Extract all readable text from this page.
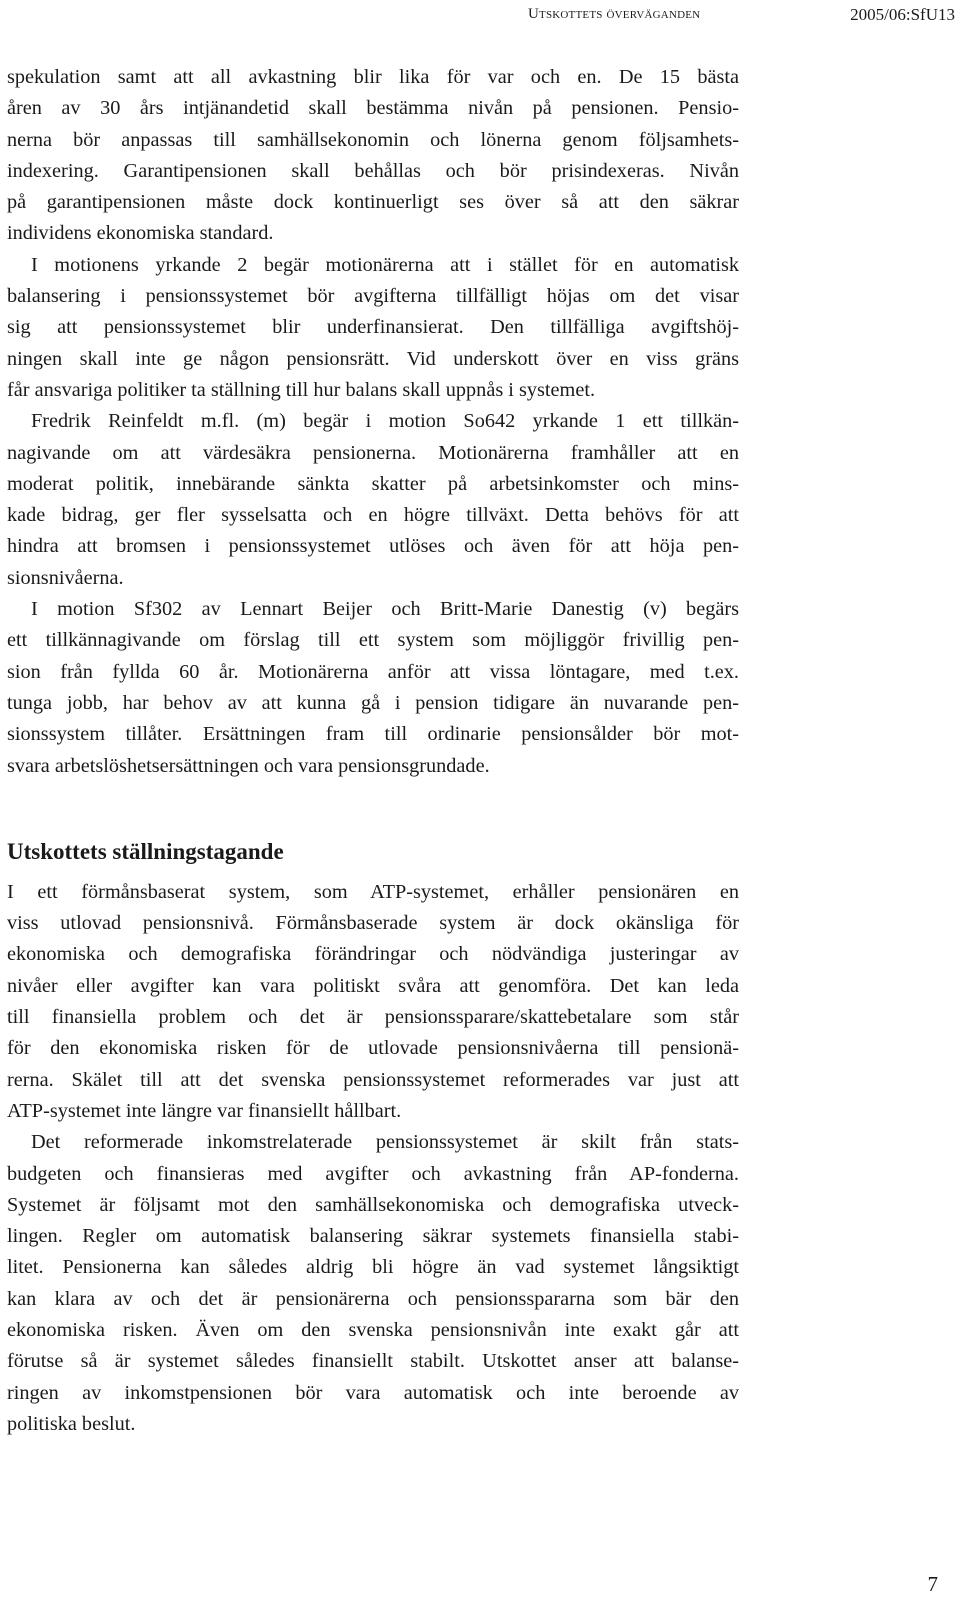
Utskottets överväganden	2005/06:SfU13

spekulation samt att all avkastning blir lika för var och en. De 15 bästa
åren av 30 års intjänandetid skall bestämma nivån på pensionen. Pensio-
nerna bör anpassas till samhällsekonomin och lönerna genom följsamhets-
indexering. Garantipensionen skall behållas och bör prisindexeras. Nivån
på garantipensionen måste dock kontinuerligt ses över så att den säkrar
individens ekonomiska standard.

I motionens yrkande 2 begär motionärerna att i stället för en automatisk
balansering i pensionssystemet bör avgifterna tillfälligt höjas om det visar
sig att pensionssystemet blir underfinansierat. Den tillfälliga avgiftshöj-
ningen skall inte ge någon pensionsrätt. Vid underskott över en viss gräns
får ansvariga politiker ta ställning till hur balans skall uppnås i systemet.

Fredrik Reinfeldt m.fl. (m) begär i motion So642 yrkande 1 ett tillkän-
nagivande om att värdesäkra pensionerna. Motionärerna framhåller att en
moderat politik, innebärande sänkta skatter på arbetsinkomster och mins-
kade bidrag, ger fler sysselsatta och en högre tillväxt. Detta behövs för att
hindra att bromsen i pensionssystemet utlöses och även för att höja pen-
sionsnivåerna.

I motion Sf302 av Lennart Beijer och Britt-Marie Danestig (v) begärs
ett tillkännagivande om förslag till ett system som möjliggör frivillig pen-
sion från fyllda 60 år. Motionärerna anför att vissa löntagare, med t.ex.
tunga jobb, har behov av att kunna gå i pension tidigare än nuvarande pen-
sionssystem tillåter. Ersättningen fram till ordinarie pensionsålder bör mot-
svara arbetslöshetsersättningen och vara pensionsgrundade.

Utskottets ställningstagande

I ett förmånsbaserat system, som ATP-systemet, erhåller pensionären en
viss utlovad pensionsnivå. Förmånsbaserade system är dock okänsliga för
ekonomiska och demografiska förändringar och nödvändiga justeringar av
nivåer eller avgifter kan vara politiskt svåra att genomföra. Det kan leda
till finansiella problem och det är pensionssparare/skattebetalare som står
för den ekonomiska risken för de utlovade pensionsnivåerna till pensionä-
rerna. Skälet till att det svenska pensionssystemet reformerades var just att
ATP-systemet inte längre var finansiellt hållbart.

Det reformerade inkomstrelaterade pensionssystemet är skilt från stats-
budgeten och finansieras med avgifter och avkastning från AP-fonderna.
Systemet är följsamt mot den samhällsekonomiska och demografiska utveck-
lingen. Regler om automatisk balansering säkrar systemets finansiella stabi-
litet. Pensionerna kan således aldrig bli högre än vad systemet långsiktigt
kan klara av och det är pensionärerna och pensionsspararna som bär den
ekonomiska risken. Även om den svenska pensionsnivån inte exakt går att
förutse så är systemet således finansiellt stabilt. Utskottet anser att balanse-
ringen av inkomstpensionen bör vara automatisk och inte beroende av
politiska beslut.

7
